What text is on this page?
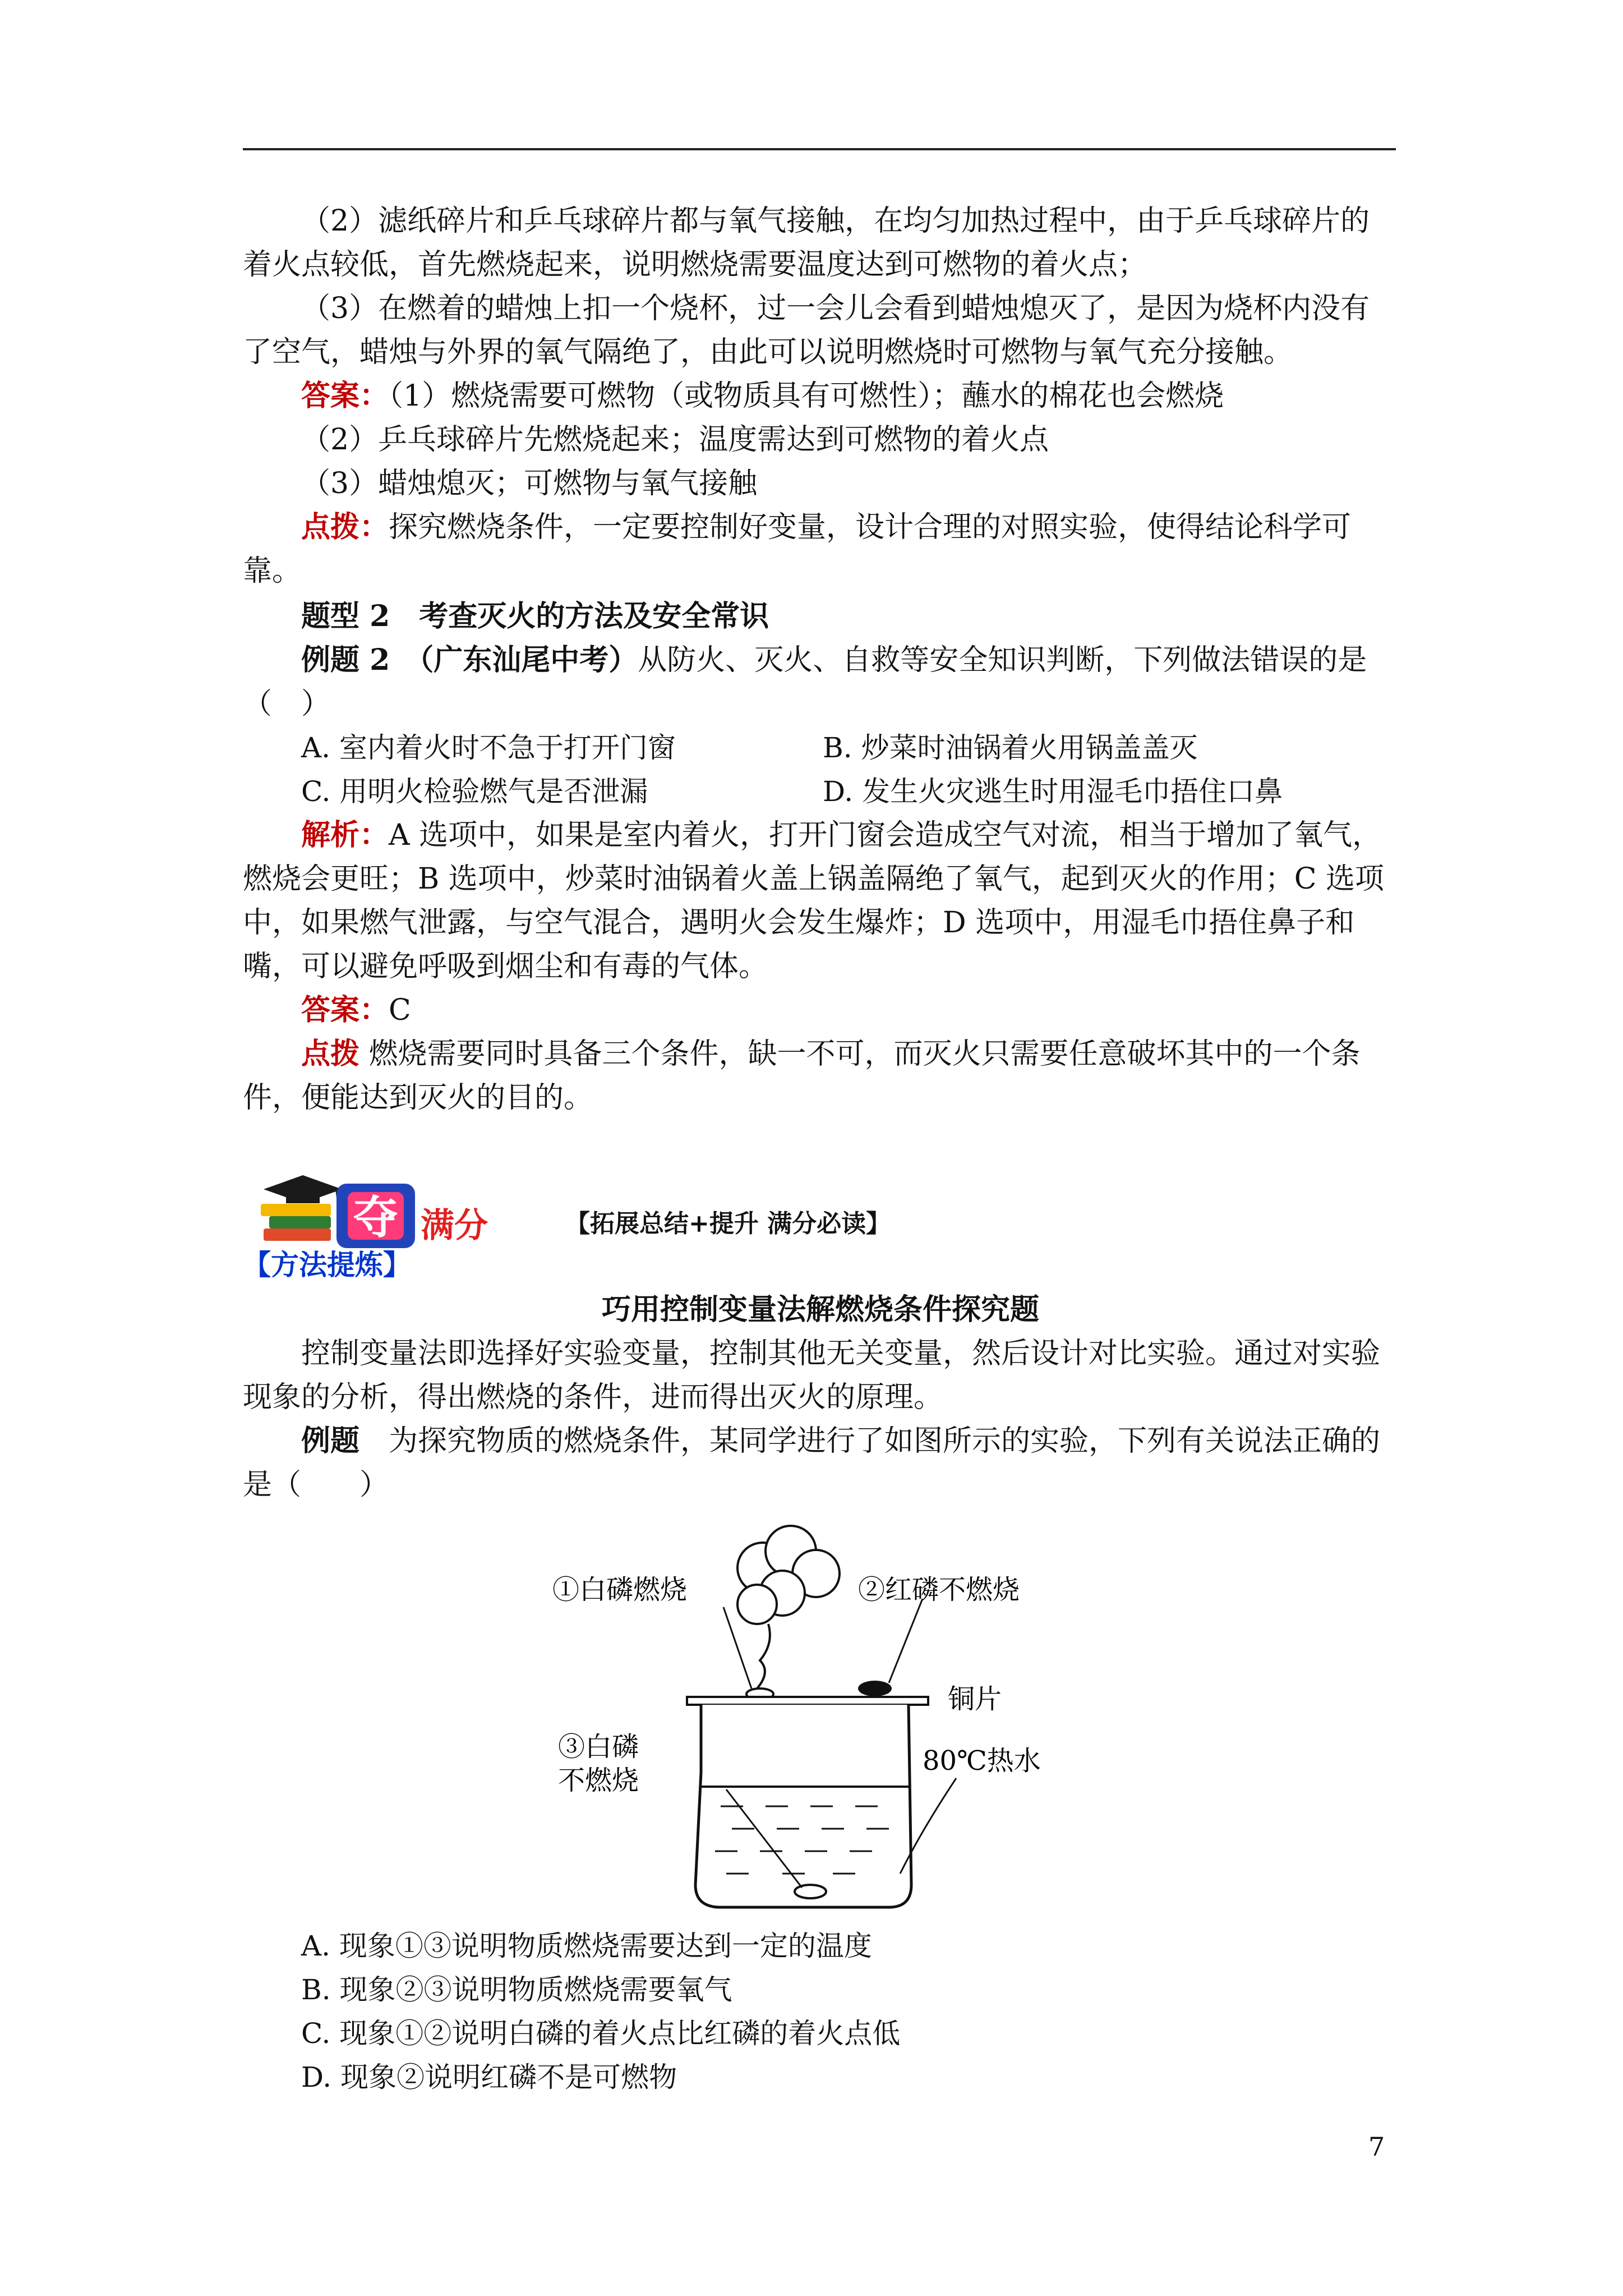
（2）滤纸碎片和乒乓球碎片都与氧气接触，在均匀加热过程中，由于乒乓球碎片的着火点较低，首先燃烧起来，说明燃烧需要温度达到可燃物的着火点；

（3）在燃着的蜡烛上扣一个烧杯，过一会儿会看到蜡烛熄灭了，是因为烧杯内没有了空气，蜡烛与外界的氧气隔绝了，由此可以说明燃烧时可燃物与氧气充分接触。

答案：（1）燃烧需要可燃物（或物质具有可燃性）；蘸水的棉花也会燃烧

（2）乒乓球碎片先燃烧起来；温度需达到可燃物的着火点

（3）蜡烛熄灭；可燃物与氧气接触

点拨：探究燃烧条件，一定要控制好变量，设计合理的对照实验，使得结论科学可靠。

题型 2　考查灭火的方法及安全常识

例题 2　（广东汕尾中考）从防火、灭火、自救等安全知识判断，下列做法错误的是（　）

A. 室内着火时不急于打开门窗	B. 炒菜时油锅着火用锅盖盖灭
C. 用明火检验燃气是否泄漏	D. 发生火灾逃生时用湿毛巾捂住口鼻

解析：A 选项中，如果是室内着火，打开门窗会造成空气对流，相当于增加了氧气，燃烧会更旺；B 选项中，炒菜时油锅着火盖上锅盖隔绝了氧气，起到灭火的作用；C 选项中，如果燃气泄露，与空气混合，遇明火会发生爆炸；D 选项中，用湿毛巾捂住鼻子和嘴，可以避免呼吸到烟尘和有毒的气体。

答案：C

点拨 燃烧需要同时具备三个条件，缺一不可，而灭火只需要任意破坏其中的一个条件，便能达到灭火的目的。

夺 满分	【拓展总结+提升 满分必读】
【方法提炼】

巧用控制变量法解燃烧条件探究题

控制变量法即选择好实验变量，控制其他无关变量，然后设计对比实验。通过对实验现象的分析，得出燃烧的条件，进而得出灭火的原理。

例题　为探究物质的燃烧条件，某同学进行了如图所示的实验，下列有关说法正确的是（　　）

①白磷燃烧	②红磷不燃烧
铜片
③白磷
不燃烧
80℃热水
A. 现象①③说明物质燃烧需要达到一定的温度
B. 现象②③说明物质燃烧需要氧气
C. 现象①②说明白磷的着火点比红磷的着火点低
D. 现象②说明红磷不是可燃物
7
